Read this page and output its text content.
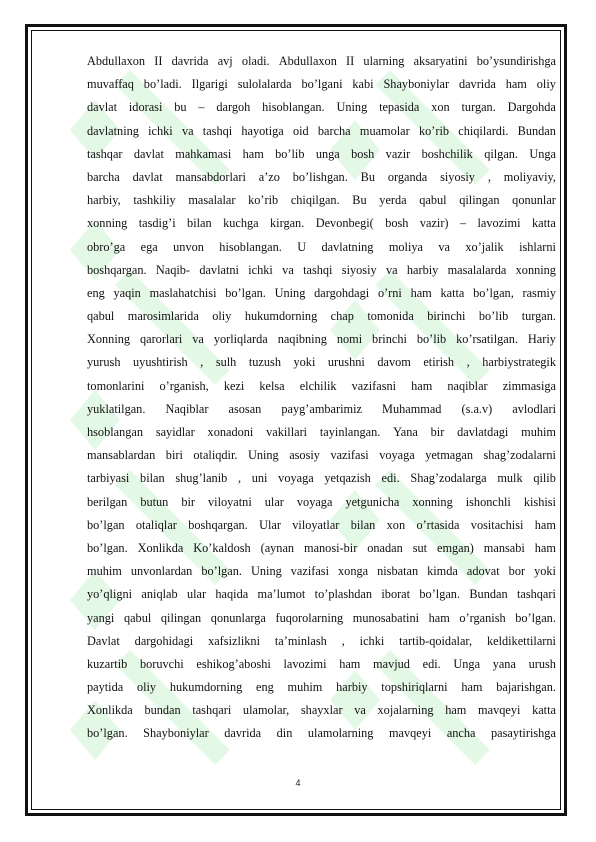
Abdullaxon II davrida avj oladi. Abdullaxon II ularning aksaryatini bo’ysundirishga
muvaffaq bo’ladi. Ilgarigi sulolalarda bo’lgani kabi Shayboniylar davrida ham oliy
davlat idorasi bu – dargoh hisoblangan. Uning tepasida xon turgan. Dargohda
davlatning ichki va tashqi hayotiga oid barcha muamolar ko’rib chiqilardi. Bundan
tashqar davlat mahkamasi ham bo’lib unga bosh vazir boshchilik qilgan. Unga
barcha davlat mansabdorlari a’zo bo’lishgan. Bu organda siyosiy , moliyaviy,
harbiy, tashkiliy masalalar ko’rib chiqilgan. Bu yerda qabul qilingan qonunlar
xonning tasdig’i bilan kuchga kirgan. Devonbegi( bosh vazir) – lavozimi katta
obro’ga ega unvon hisoblangan. U davlatning moliya va xo’jalik ishlarni
boshqargan. Naqib- davlatni ichki va tashqi siyosiy va harbiy masalalarda xonning
eng yaqin maslahatchisi bo’lgan. Uning dargohdagi o’rni ham katta bo’lgan, rasmiy
qabul marosimlarida oliy hukumdorning chap tomonida birinchi bo’lib turgan.
Xonning qarorlari va yorliqlarda naqibning nomi brinchi bo’lib ko’rsatilgan. Hariy
yurush uyushtirish , sulh tuzush yoki urushni davom etirish , harbiystrategik
tomonlarini o’rganish, kezi kelsa elchilik vazifasni ham naqiblar zimmasiga
yuklatilgan. Naqiblar asosan payg’ambarimiz Muhammad (s.a.v) avlodlari
hsoblangan sayidlar xonadoni vakillari tayinlangan. Yana bir davlatdagi muhim
mansablardan biri otaliqdir. Uning asosiy vazifasi voyaga yetmagan shag’zodalarni
tarbiyasi bilan shug’lanib , uni voyaga yetqazish edi. Shag’zodalarga mulk qilib
berilgan butun bir viloyatni ular voyaga yetgunicha xonning ishonchli kishisi
bo’lgan otaliqlar boshqargan. Ular viloyatlar bilan xon o’rtasida vositachisi ham
bo’lgan. Xonlikda Ko’kaldosh (aynan manosi-bir onadan sut emgan) mansabi ham
muhim unvonlardan bo’lgan. Uning vazifasi xonga nisbatan kimda adovat bor yoki
yo’qligni aniqlab ular haqida ma’lumot to’plashdan iborat bo’lgan. Bundan tashqari
yangi qabul qilingan qonunlarga fuqorolarning munosabatini ham o’rganish bo’lgan.
Davlat dargohidagi xafsizlikni ta’minlash , ichki tartib-qoidalar, keldikettilarni
kuzartib boruvchi eshikog’aboshi lavozimi ham mavjud edi. Unga yana urush
paytida oliy hukumdorning eng muhim harbiy topshiriqlarni ham bajarishgan.
Xonlikda bundan tashqari ulamolar, shayxlar va xojalarning ham mavqeyi katta
bo’lgan. Shayboniylar davrida din ulamolarning mavqeyi ancha pasaytirishga
4
